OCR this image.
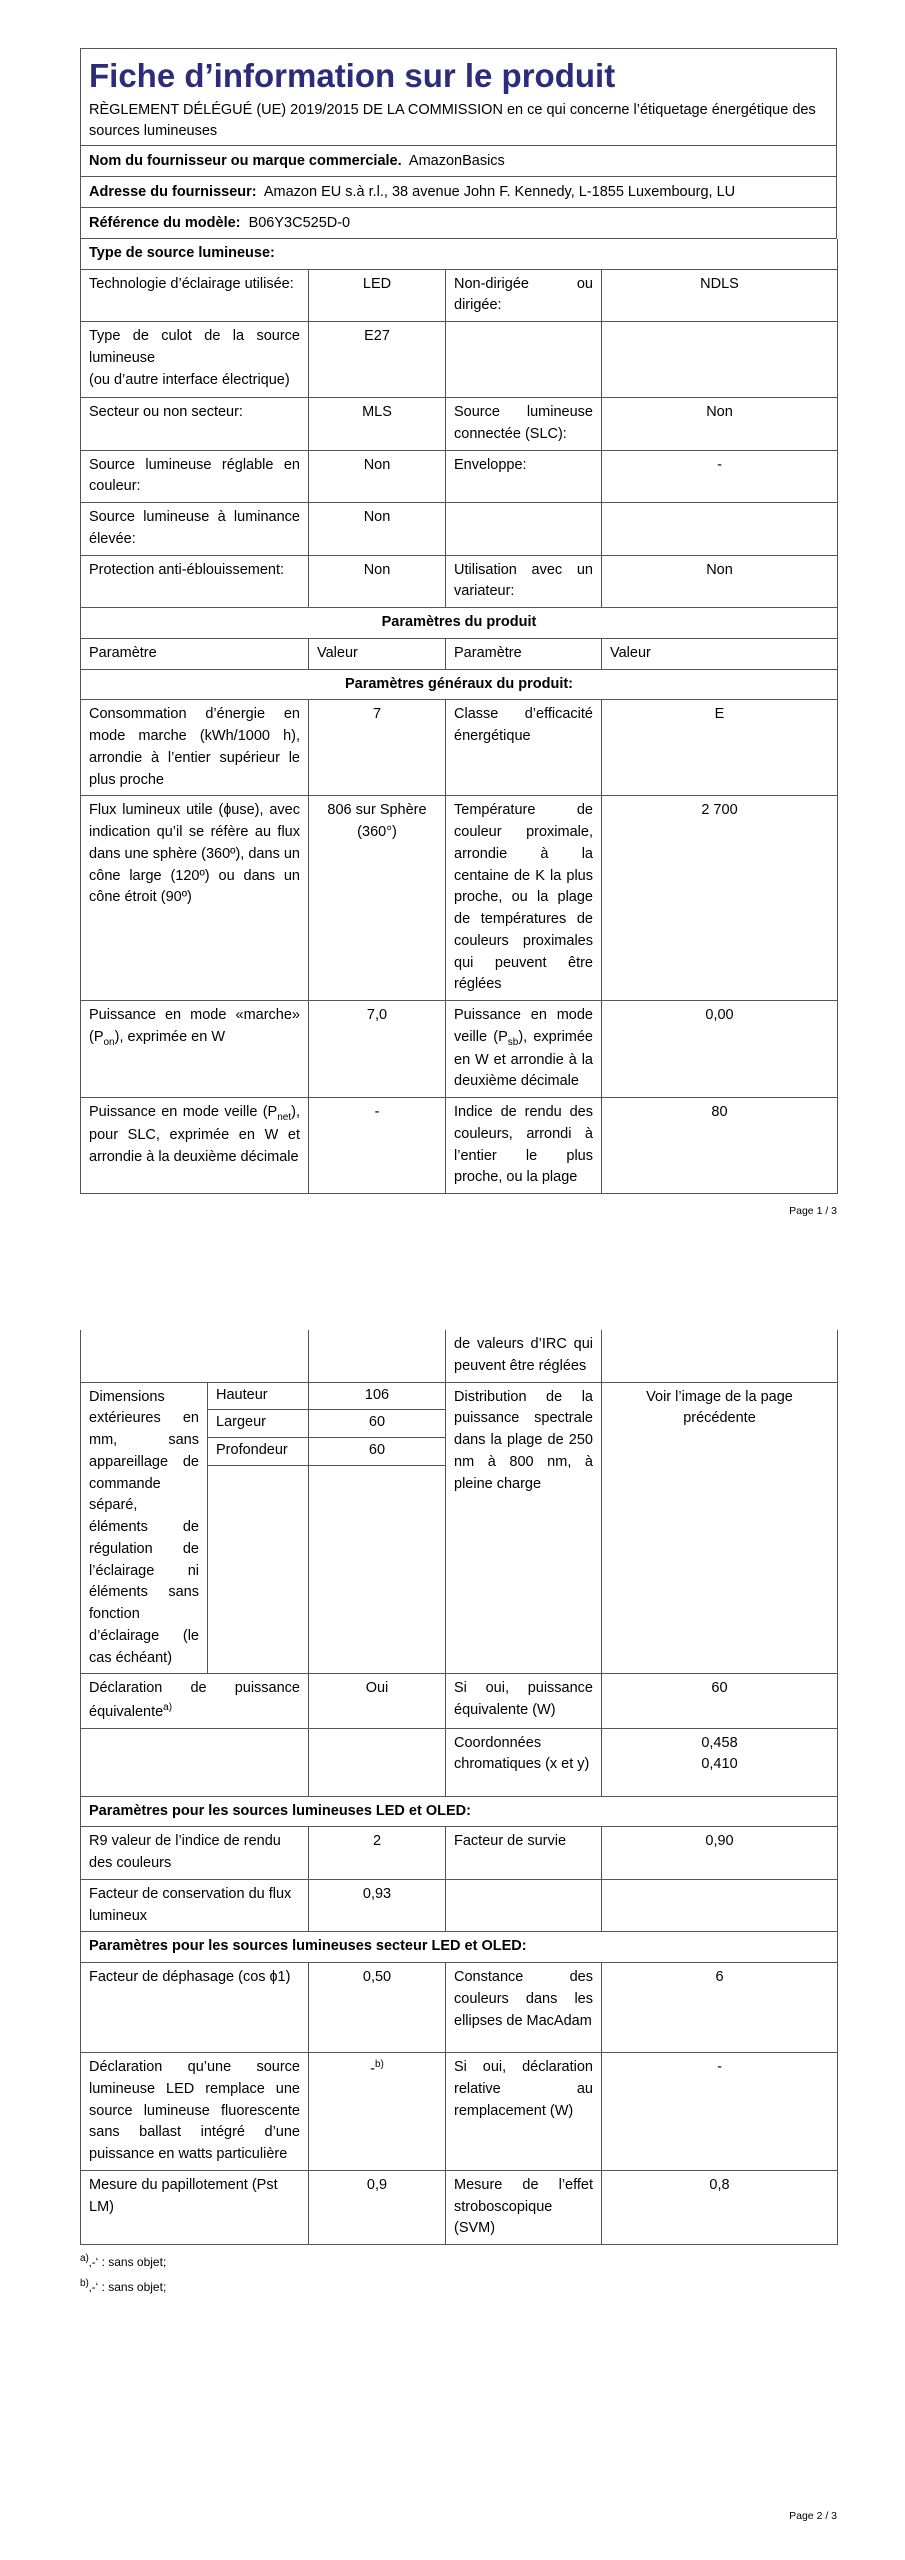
Fiche d’information sur le produit
RÈGLEMENT DÉLÉGUÉ (UE) 2019/2015 DE LA COMMISSION en ce qui concerne l’étiquetage énergétique des sources lumineuses
Nom du fournisseur ou marque commerciale. AmazonBasics
Adresse du fournisseur: Amazon EU s.à r.l., 38 avenue John F. Kennedy, L-1855 Luxembourg, LU
Référence du modèle: B06Y3C525D-0
Type de source lumineuse:			
Technologie d’éclairage utilisée:	LED	Non-dirigée ou dirigée:	NDLS

Type de culot de la source lumineuse
(ou d’autre interface électrique)	E27		
Secteur ou non secteur:	MLS	Source lumineuse connectée (SLC):	Non
Source lumineuse réglable en couleur:	Non	Enveloppe:	-
Source lumineuse à luminance élevée:	Non		
Protection anti-éblouissement:	Non	Utilisation avec un variateur:	Non
Paramètres du produit			
Paramètre	Valeur	Paramètre	Valeur
Paramètres généraux du produit:			
Consommation d’énergie en mode marche (kWh/1000 h), arrondie à l’entier supérieur le plus proche	7	Classe d’efficacité énergétique	E
Flux lumineux utile (ɸuse), avec indication qu’il se réfère au flux dans une sphère (360º), dans un cône large (120º) ou dans un cône étroit (90º)	806 sur Sphère (360°)	Température de couleur proximale, arrondie à la centaine de K la plus proche, ou la plage de températures de couleurs proximales qui peuvent être réglées	2 700
Puissance en mode «marche» $(P_{on})$, exprimée en W	7,0	Puissance en mode veille $(P_{sb})$, exprimée en W et arrondie à la deuxième décimale	0,00
Puissance en mode veille $(P_{net})$, pour SLC, exprimée en W et arrondie à la deuxième décimale	-	Indice de rendu des couleurs, arrondi à l’entier le plus proche, ou la plage	80
Page 1 / 3
			de valeurs d’IRC qui peuvent être réglées	
Dimensions extérieures en mm, sans appareillage de commande séparé, éléments de régulation de l’éclairage ni éléments sans fonction d’éclairage (le cas échéant)	Hauteur	106	Distribution de la puissance spectrale dans la plage de 250 nm à 800 nm, à pleine charge	Voir l’image de la page précédente
	Largeur	60		
	Profondeur	60		

Déclaration de puissance équivalente$^{a)}$		Oui	Si oui, puissance équivalente (W)	60
			Coordonnées chromatiques (x et y)	0,458
0,410

Paramètres pour les sources lumineuses LED et OLED:				
R9 valeur de l’indice de rendu des couleurs		2	Facteur de survie	0,90
Facteur de conservation du flux lumineux		0,93		
Paramètres pour les sources lumineuses secteur LED et OLED:				
Facteur de déphasage (cos ɸ1)		0,50	Constance des couleurs dans les ellipses de MacAdam	6
Déclaration qu’une source lumineuse LED remplace une source lumineuse fluorescente sans ballast intégré d’une puissance en watts particulière		-$^{b)}$	Si oui, déclaration relative au remplacement (W)	-
Mesure du papillotement (Pst LM)		0,9	Mesure de l’effet stroboscopique (SVM)	0,8
$^{a)}$‚-‘ : sans objet;
$^{b)}$‚-‘ : sans objet;
Page 2 / 3
